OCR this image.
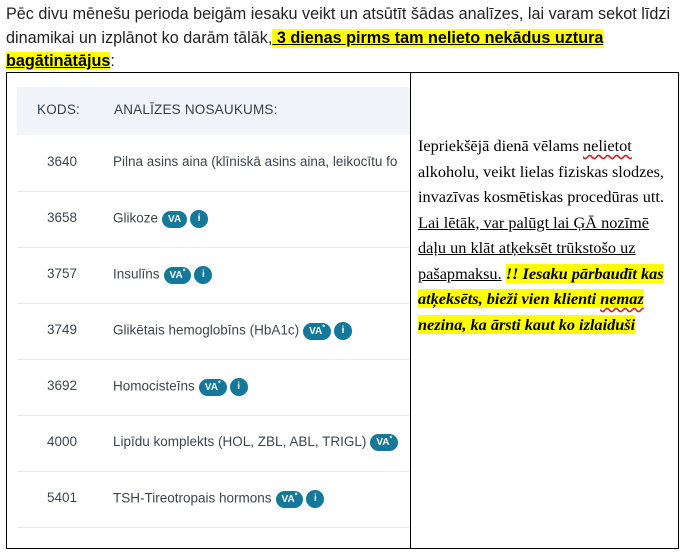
Pēc divu mēnešu perioda beigām iesaku veikt un atsūtīt šādas analīzes, lai varam sekot līdzi dinamikai un izplānot ko darām tālāk, 3 dienas pirms tam nelieto nekādus uztura bagātinātājus:
KODS:	ANALĪZES NOSAUKUMS:
3640	Pilna asins aina (klīniskā asins aina, leikocītu fo
3658	Glikoze VA i
3757	Insulīns VA* i
3749	Glikētais hemoglobīns (HbA1c) VA* i
3692	Homocisteīns VA* i
4000	Lipīdu komplekts (HOL, ZBL, ABL, TRIGL) VA*
5401	TSH-Tireotropais hormons VA* i
Iepriekšējā dienā vēlams nelietot alkoholu, veikt lielas fiziskas slodzes, invazīvas kosmētiskas procedūras utt. Lai lētāk, var palūgt lai ĢĀ nozīmē daļu un klāt atķeksēt trūkstošo uz pašapmaksu. !! Iesaku pārbaudīt kas atķeksēts, bieži vien klienti nemaz nezina, ka ārsti kaut ko izlaiduši
